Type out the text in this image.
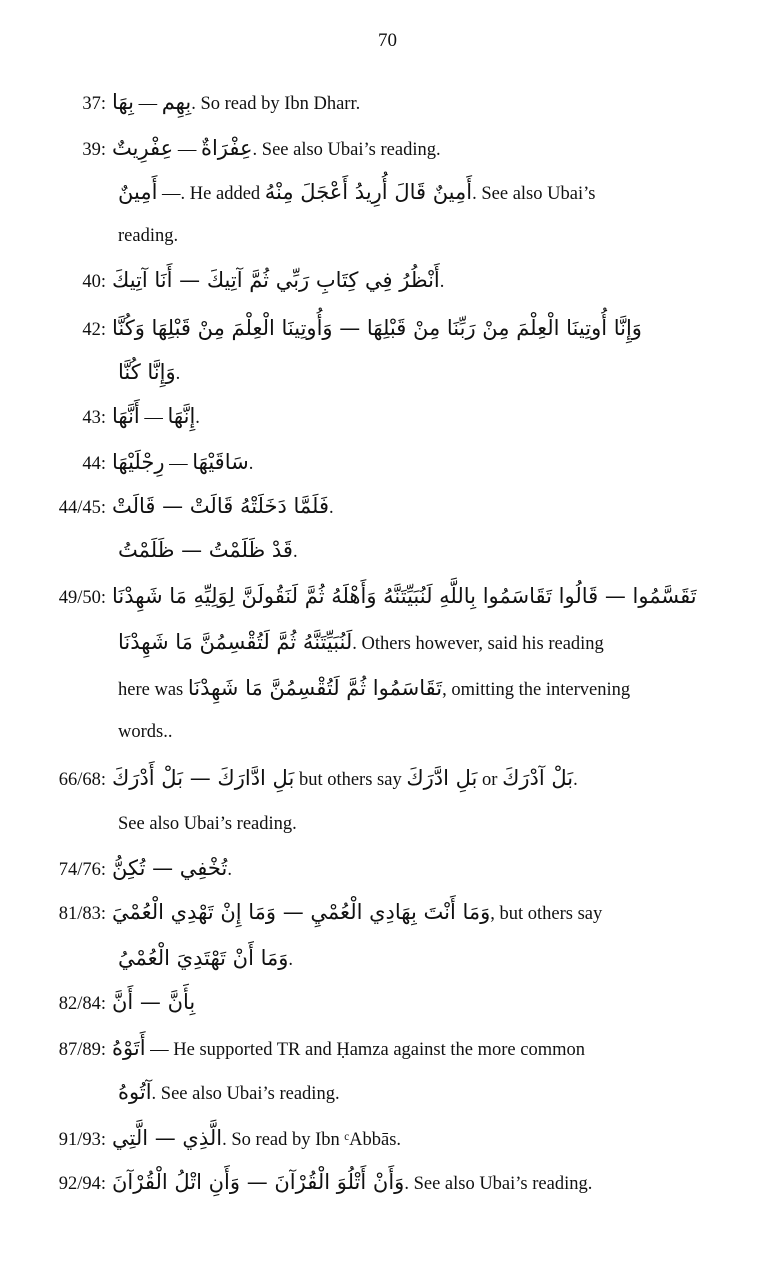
70
37: بِهَا — بِهِم. So read by Ibn Dharr.
39: عِفْرِيتٌ — عِفْرَاةٌ. See also Ubai’s reading.
أَمِينٌ —. He added أَمِينٌ قَالَ أُرِيدُ أَعْجَلَ مِنْهُ. See also Ubai’s
reading.
40: أَنْظُرُ فِي كِتَابِ رَبِّي ثُمَّ آتِيكَ — أَنَا آتِيكَ.
42: وَإِنَّا أُوتِينَا الْعِلْمَ مِنْ رَبِّنَا مِنْ قَبْلِهَا — وَأُوتِينَا الْعِلْمَ مِنْ قَبْلِهَا وَكُنَّا
وَإِنَّا كُنَّا.
43: أَنَّهَا — إِنَّهَا.
44: رِجْلَيْهَا — سَاقَيْهَا.
44/45: فَلَمَّا دَخَلَتْهُ قَالَتْ — قَالَتْ.
قَدْ ظَلَمْتُ — ظَلَمْتُ.
49/50: تَقَسَّمُوا — قَالُوا تَقَاسَمُوا بِاللَّهِ لَنُبَيِّتَنَّهُ وَأَهْلَهُ ثُمَّ لَنَقُولَنَّ لِوَلِيِّهِ مَا شَهِدْنَا
لَنُبَيِّتَنَّهُ ثُمَّ لَتُقْسِمُنَّ مَا شَهِدْنَا. Others however, said his reading
here was تَقَاسَمُوا ثُمَّ لَتُقْسِمُنَّ مَا شَهِدْنَا, omitting the intervening
words..
66/68: بَلِ ادَّارَكَ — بَلْ أَدْرَكَ but others say بَلِ ادَّرَكَ or بَلْ آدْرَكَ.
See also Ubai’s reading.
74/76: تُخْفِي — تُكِنُّ.
81/83: وَمَا أَنْتَ بِهَادِي الْعُمْيِ — وَمَا إِنْ تَهْدِي الْعُمْيَ, but others say
وَمَا أَنْ تَهْتَدِيَ الْعُمْيُ.
82/84: بِأَنَّ — أَنَّ
87/89: أَتَوْهُ — He supported TR and Ḥamza against the more common
آتُوهُ. See also Ubai’s reading.
91/93: الَّذِي — الَّتِي. So read by Ibn ᶜAbbās.
92/94: وَأَنْ أَتْلُوَ الْقُرْآنَ — وَأَنِ اتْلُ الْقُرْآنَ. See also Ubai’s reading.
